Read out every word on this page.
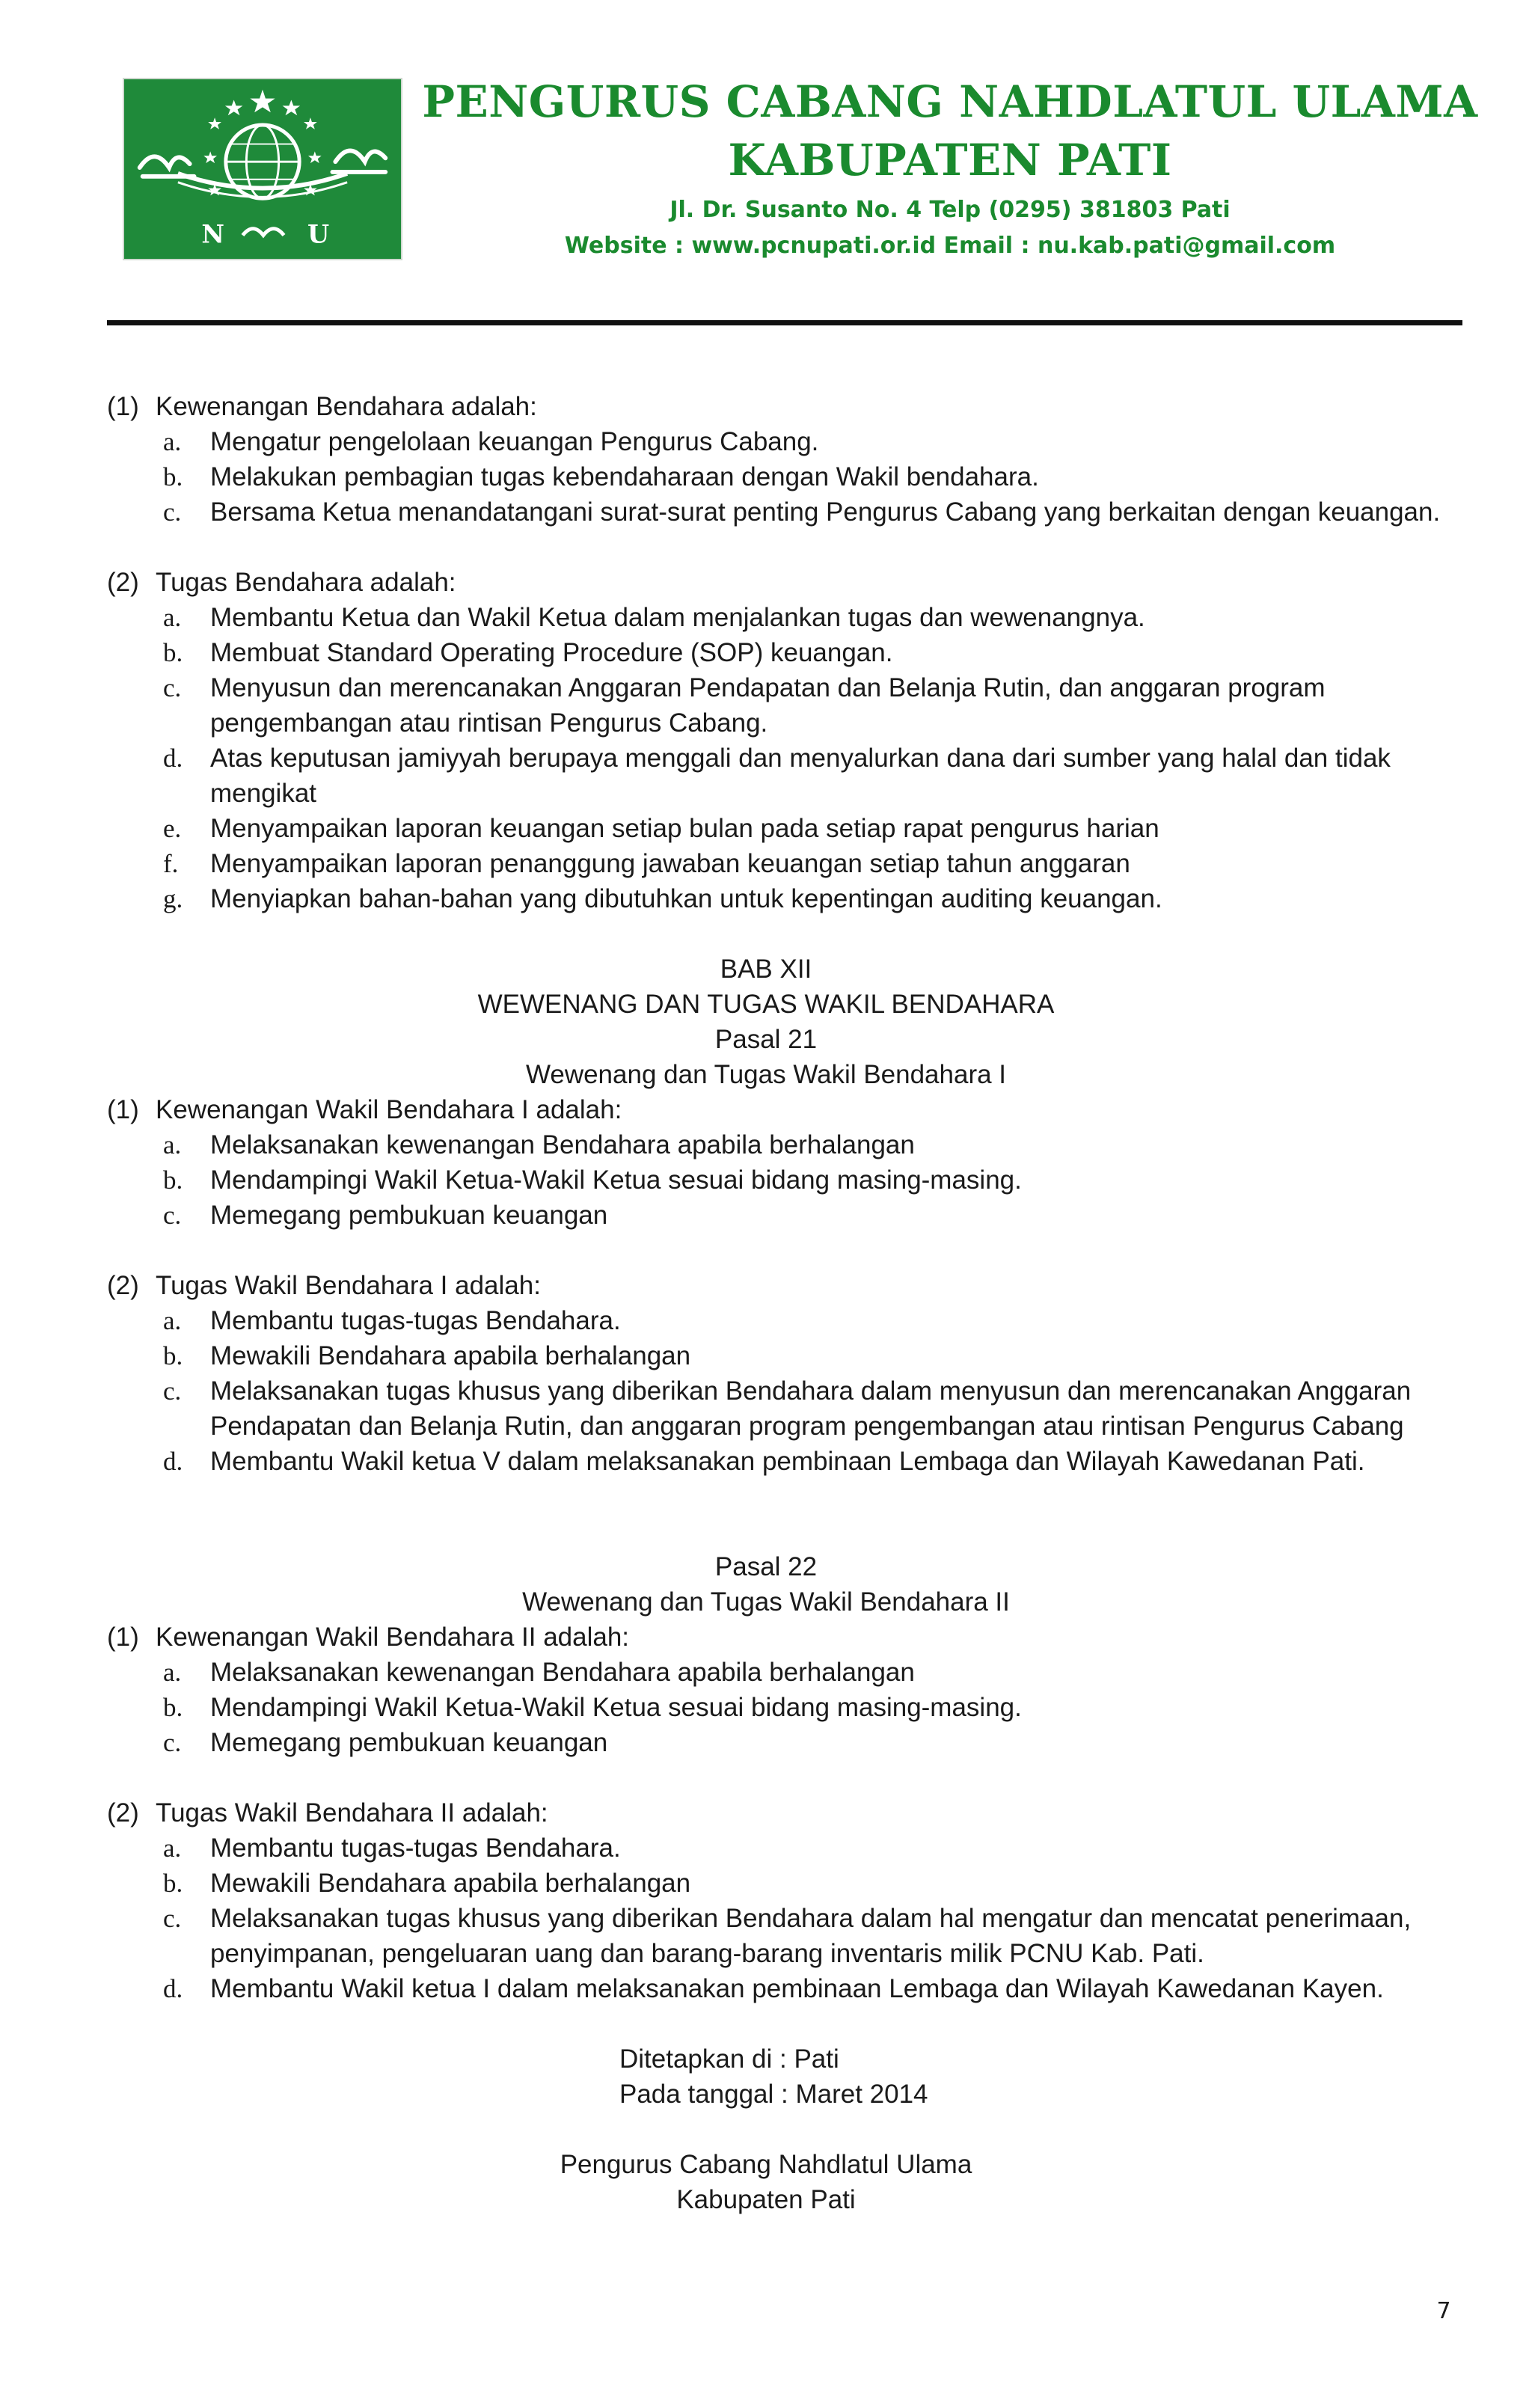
N	U
PENGURUS CABANG NAHDLATUL ULAMA
KABUPATEN PATI

Jl. Dr. Susanto No. 4 Telp (0295) 381803 Pati

Website : www.pcnupati.or.id Email : nu.kab.pati@gmail.com

(1) Kewenangan Bendahara adalah:
a.	Mengatur pengelolaan keuangan Pengurus Cabang.
b.	Melakukan pembagian tugas kebendaharaan dengan Wakil bendahara.
c.	Bersama Ketua menandatangani surat-surat penting Pengurus Cabang yang berkaitan dengan keuangan.
(2) Tugas Bendahara adalah:
a.	Membantu Ketua dan Wakil Ketua dalam menjalankan tugas dan wewenangnya.
b.	Membuat Standard Operating Procedure (SOP) keuangan.
c.	Menyusun dan merencanakan Anggaran Pendapatan dan Belanja Rutin, dan anggaran program pengembangan atau rintisan Pengurus Cabang.
d.	Atas keputusan jamiyyah berupaya menggali dan menyalurkan dana dari sumber yang halal dan tidak mengikat
e.	Menyampaikan laporan keuangan setiap bulan pada setiap rapat pengurus harian
f.	Menyampaikan laporan penanggung jawaban keuangan setiap tahun anggaran
g.	Menyiapkan bahan-bahan yang dibutuhkan untuk kepentingan auditing keuangan.
BAB XII
WEWENANG DAN TUGAS WAKIL BENDAHARA
Pasal 21
Wewenang dan Tugas Wakil Bendahara I
(1) Kewenangan Wakil Bendahara I adalah:
a.	Melaksanakan kewenangan Bendahara apabila berhalangan
b.	Mendampingi Wakil Ketua-Wakil Ketua sesuai bidang masing-masing.
c.	Memegang pembukuan keuangan
(2) Tugas Wakil Bendahara I adalah:
a.	Membantu tugas-tugas Bendahara.
b.	Mewakili Bendahara apabila berhalangan
c.	Melaksanakan tugas khusus yang diberikan Bendahara dalam menyusun dan merencanakan Anggaran Pendapatan dan Belanja Rutin, dan anggaran program pengembangan atau rintisan Pengurus Cabang
d.	Membantu Wakil ketua V dalam melaksanakan pembinaan Lembaga dan Wilayah Kawedanan Pati.
Pasal 22
Wewenang dan Tugas Wakil Bendahara II
(1) Kewenangan Wakil Bendahara II adalah:
a.	Melaksanakan kewenangan Bendahara apabila berhalangan
b.	Mendampingi Wakil Ketua-Wakil Ketua sesuai bidang masing-masing.
c.	Memegang pembukuan keuangan
(2) Tugas Wakil Bendahara II adalah:
a.	Membantu tugas-tugas Bendahara.
b.	Mewakili Bendahara apabila berhalangan
c.	Melaksanakan tugas khusus yang diberikan Bendahara dalam hal mengatur dan mencatat penerimaan, penyimpanan, pengeluaran uang dan barang-barang inventaris milik PCNU Kab. Pati.
d.	Membantu Wakil ketua I dalam melaksanakan pembinaan Lembaga dan Wilayah Kawedanan Kayen.
Ditetapkan di : Pati
Pada tanggal : Maret 2014
Pengurus Cabang Nahdlatul Ulama
Kabupaten Pati
7
